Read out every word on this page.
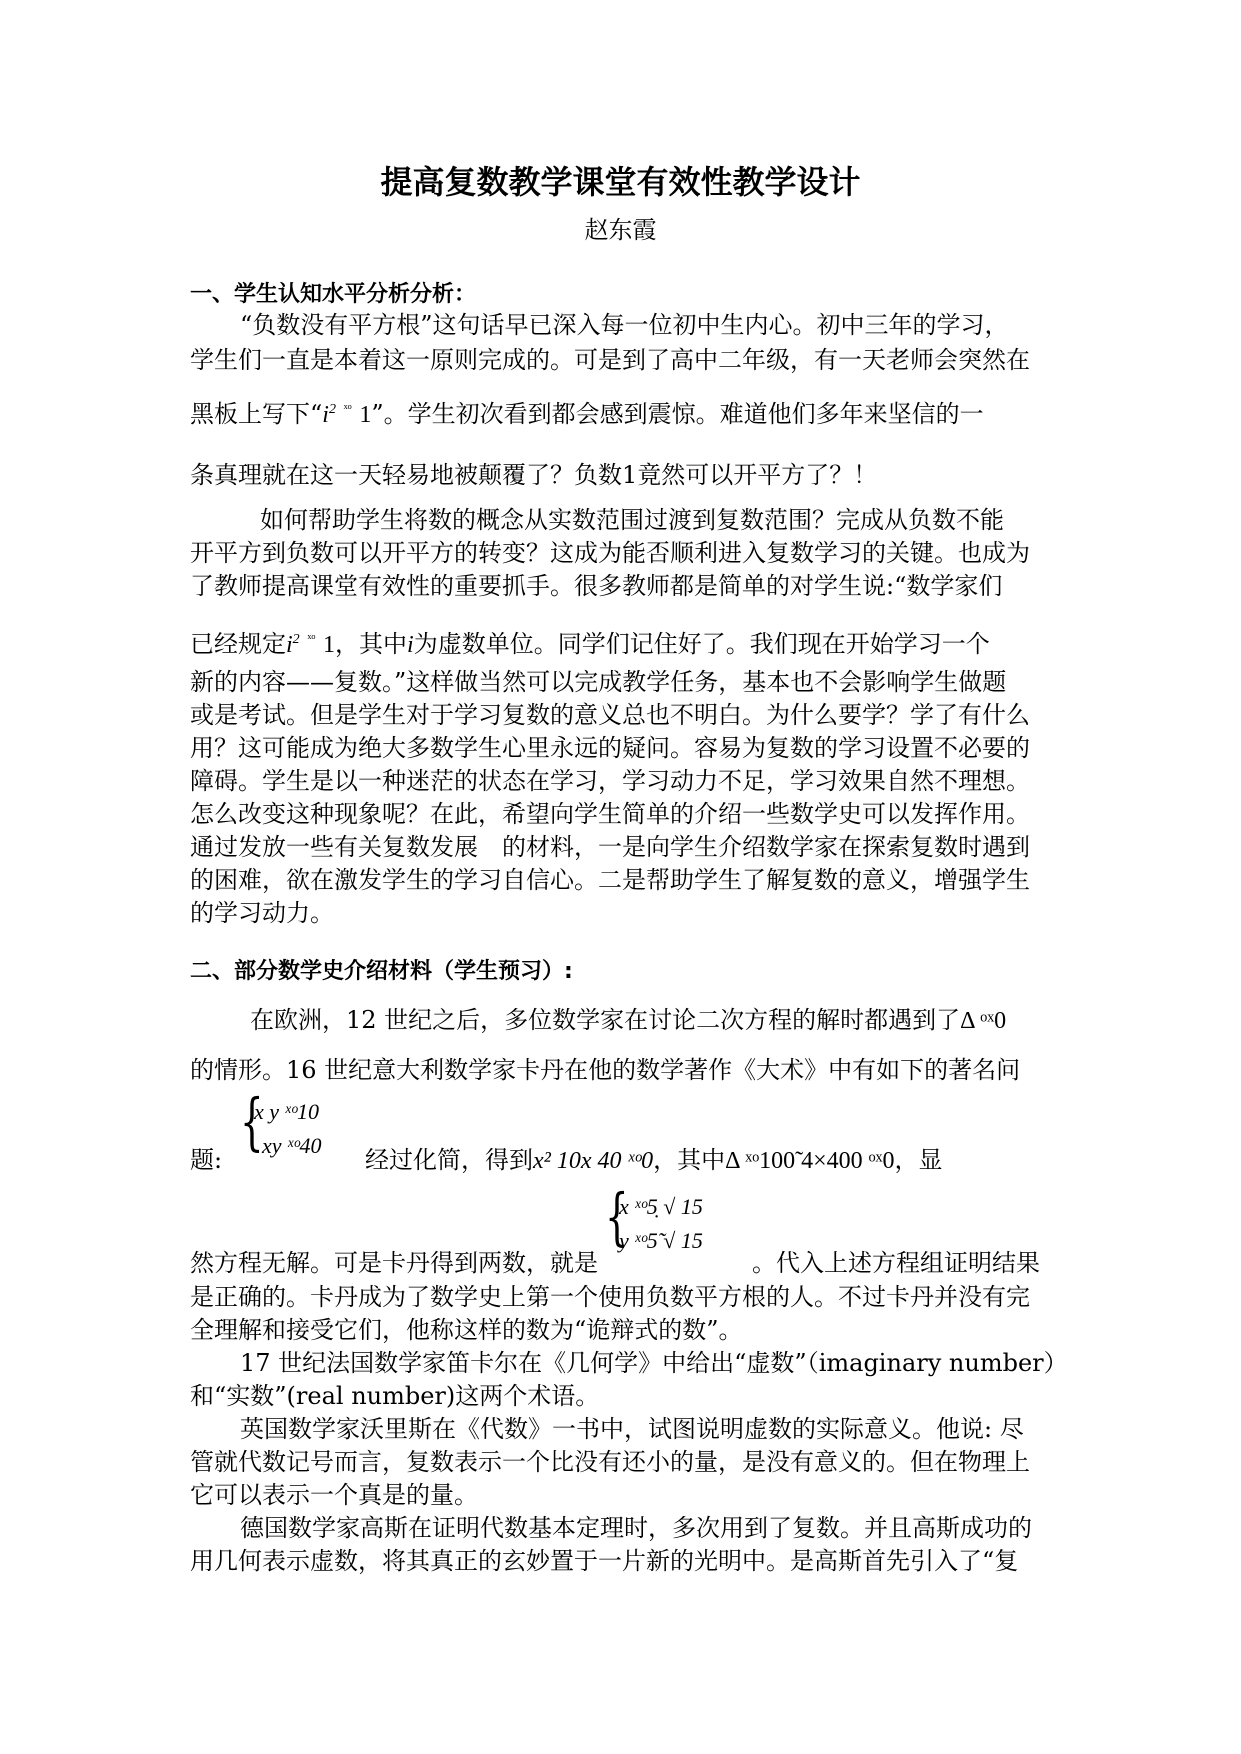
提高复数教学课堂有效性教学设计
赵东霞
一、学生认知水平分析分析：
“负数没有平方根”这句话早已深入每一位初中生内心。初中三年的学习，
学生们一直是本着这一原则完成的。可是到了高中二年级，有一天老师会突然在
黑板上写下“$i^2$ $^{ˣᵒ}$ 1”。学生初次看到都会感到震惊。难道他们多年来坚信的一
条真理就在这一天轻易地被颠覆了？负数1竟然可以开平方了？！
如何帮助学生将数的概念从实数范围过渡到复数范围？完成从负数不能
开平方到负数可以开平方的转变？这成为能否顺利进入复数学习的关键。也成为
了教师提高课堂有效性的重要抓手。很多教师都是简单的对学生说:“数学家们
已经规定$i^2$ $^{ˣᵒ}$ 1，其中i为虚数单位。同学们记住好了。我们现在开始学习一个
新的内容——复数。”这样做当然可以完成教学任务，基本也不会影响学生做题
或是考试。但是学生对于学习复数的意义总也不明白。为什么要学？学了有什么
用？这可能成为绝大多数学生心里永远的疑问。容易为复数的学习设置不必要的
障碍。学生是以一种迷茫的状态在学习，学习动力不足，学习效果自然不理想。
怎么改变这种现象呢？在此，希望向学生简单的介绍一些数学史可以发挥作用。
通过发放一些有关复数发展　的材料，一是向学生介绍数学家在探索复数时遇到
的困难，欲在激发学生的学习自信心。二是帮助学生了解复数的意义，增强学生
的学习动力。
二、部分数学史介绍材料（学生预习）:
在欧洲，12 世纪之后，多位数学家在讨论二次方程的解时都遇到了Δ ᵒˣ0
的情形。16 世纪意大利数学家卡丹在他的数学著作《大术》中有如下的著名问
题:
{
x y ˣᵒ10
xy ˣᵒ40
经过化简，得到x² 10x 40 ˣᵒ0，其中Δ ˣᵒ100̃ 4×400 ᵒˣ0，显
{
x ˣᵒ5̣ √ 15
y ˣᵒ5̃ √ 15
然方程无解。可是卡丹得到两数，就是	。代入上述方程组证明结果
是正确的。卡丹成为了数学史上第一个使用负数平方根的人。不过卡丹并没有完
全理解和接受它们，他称这样的数为“诡辩式的数”。
17 世纪法国数学家笛卡尔在《几何学》中给出“虚数”（imaginary number）
和“实数”(real number)这两个术语。
英国数学家沃里斯在《代数》一书中，试图说明虚数的实际意义。他说: 尽
管就代数记号而言，复数表示一个比没有还小的量，是没有意义的。但在物理上
它可以表示一个真是的量。
德国数学家高斯在证明代数基本定理时，多次用到了复数。并且高斯成功的
用几何表示虚数，将其真正的玄妙置于一片新的光明中。是高斯首先引入了“复
